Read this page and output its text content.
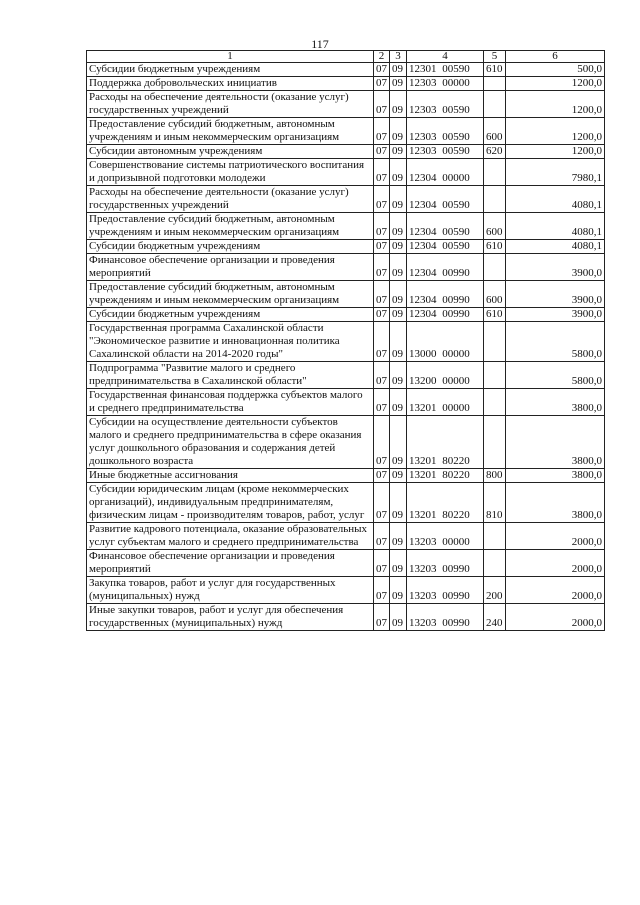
117
1	2	3	4	5	6
Субсидии бюджетным учреждениям	07	09	12301 00590	610	500,0
Поддержка добровольческих инициатив	07	09	12303 00000		1200,0
Расходы на обеспечение деятельности (оказание услуг) государственных учреждений	07	09	12303 00590		1200,0
Предоставление субсидий бюджетным, автономным учреждениям и иным некоммерческим организациям	07	09	12303 00590	600	1200,0
Субсидии автономным учреждениям	07	09	12303 00590	620	1200,0
Совершенствование системы патриотического воспитания и допризывной подготовки молодежи	07	09	12304 00000		7980,1
Расходы на обеспечение деятельности (оказание услуг) государственных учреждений	07	09	12304 00590		4080,1
Предоставление субсидий бюджетным, автономным учреждениям и иным некоммерческим организациям	07	09	12304 00590	600	4080,1
Субсидии бюджетным учреждениям	07	09	12304 00590	610	4080,1
Финансовое обеспечение организации и проведения мероприятий	07	09	12304 00990		3900,0
Предоставление субсидий бюджетным, автономным учреждениям и иным некоммерческим организациям	07	09	12304 00990	600	3900,0
Субсидии бюджетным учреждениям	07	09	12304 00990	610	3900,0
Государственная программа Сахалинской области "Экономическое развитие и инновационная политика Сахалинской области на 2014-2020 годы"	07	09	13000 00000		5800,0
Подпрограмма "Развитие малого и среднего предпринимательства в Сахалинской области"	07	09	13200 00000		5800,0
Государственная финансовая поддержка субъектов малого и среднего предпринимательства	07	09	13201 00000		3800,0
Субсидии на осуществление деятельности субъектов малого и среднего предпринимательства в сфере оказания услуг дошкольного образования и содержания детей дошкольного возраста	07	09	13201 80220		3800,0
Иные бюджетные ассигнования	07	09	13201 80220	800	3800,0
Субсидии юридическим лицам (кроме некоммерческих организаций), индивидуальным предпринимателям, физическим лицам - производителям товаров, работ, услуг	07	09	13201 80220	810	3800,0
Развитие кадрового потенциала, оказание образовательных услуг субъектам малого и среднего предпринимательства	07	09	13203 00000		2000,0
Финансовое обеспечение организации и проведения мероприятий	07	09	13203 00990		2000,0
Закупка товаров, работ и услуг для государственных (муниципальных) нужд	07	09	13203 00990	200	2000,0
Иные закупки товаров, работ и услуг для обеспечения государственных (муниципальных) нужд	07	09	13203 00990	240	2000,0
